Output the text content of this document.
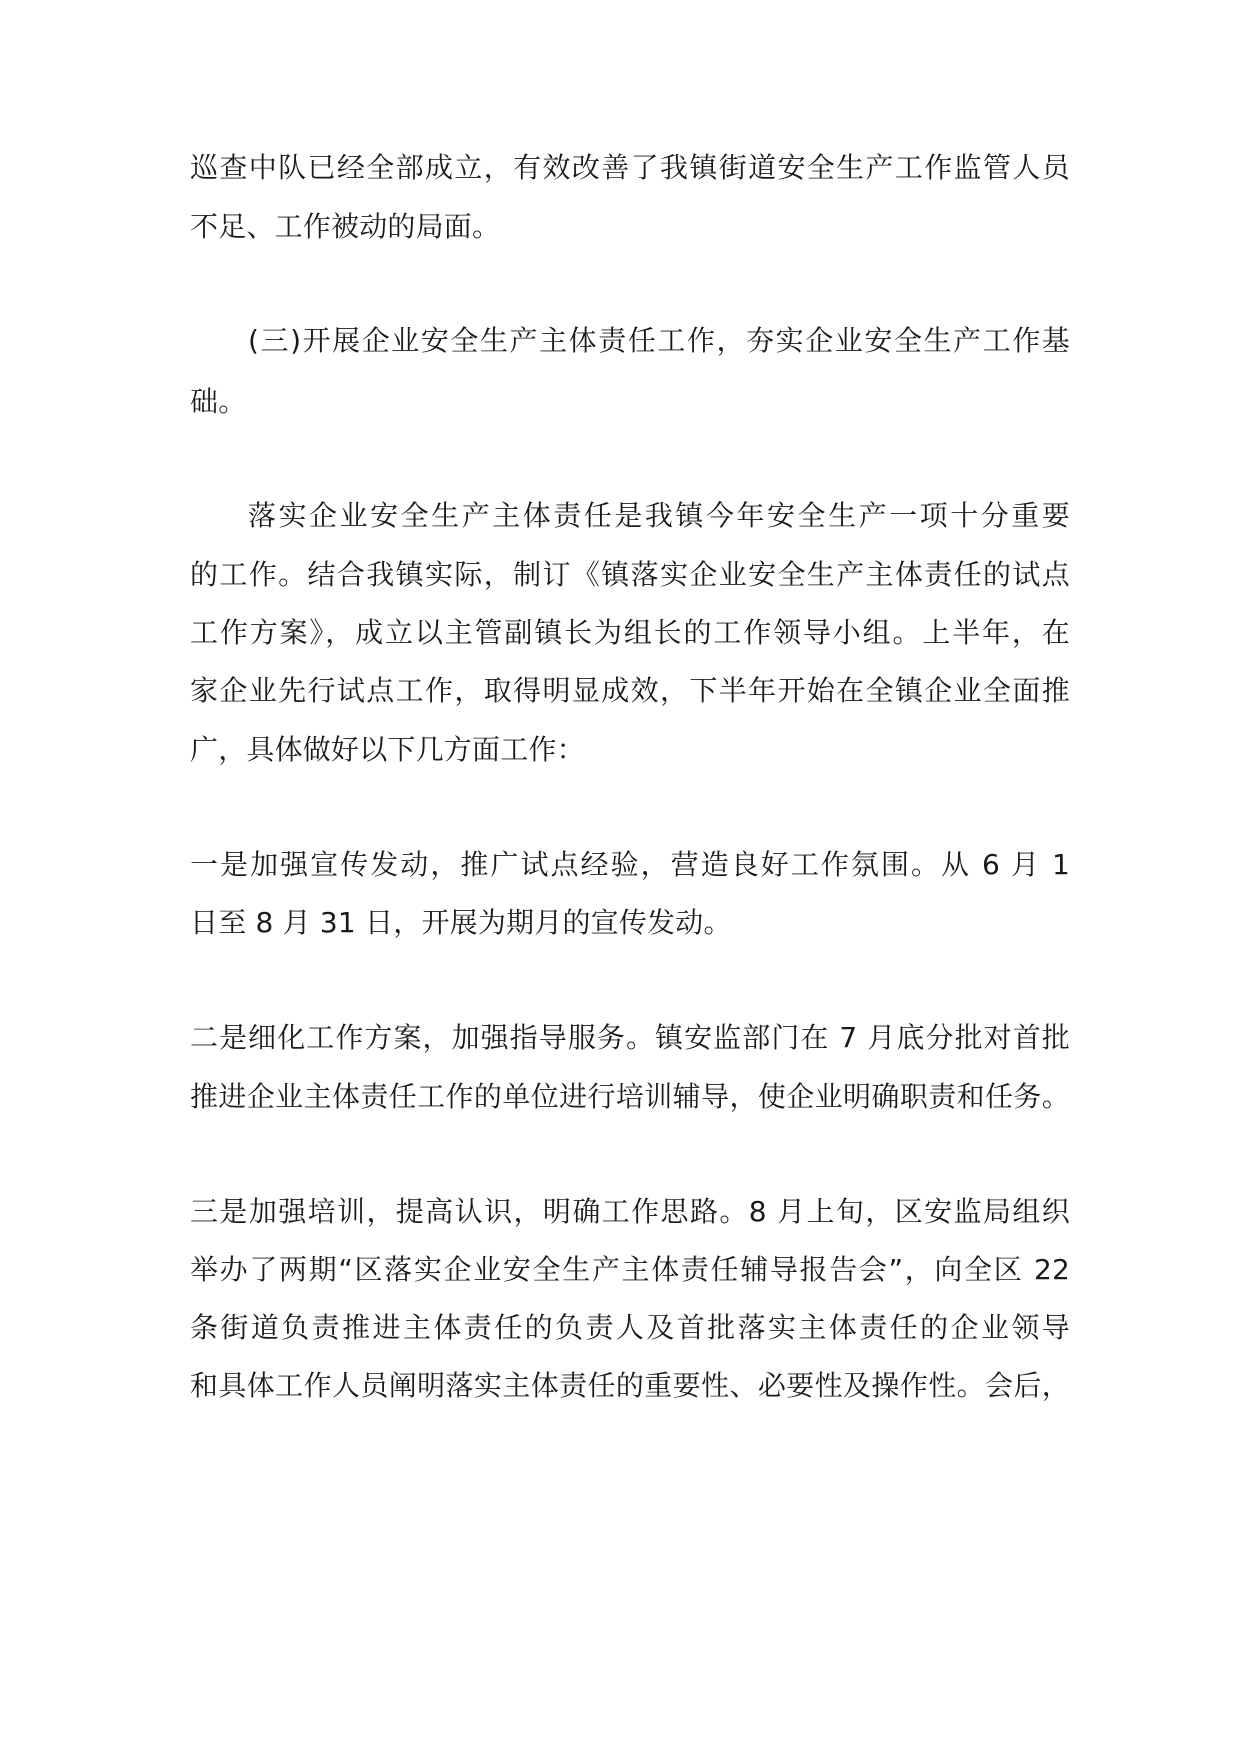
巡查中队已经全部成立，有效改善了我镇街道安全生产工作监管人员

不足、工作被动的局面。

(三)开展企业安全生产主体责任工作，夯实企业安全生产工作基

础。

落实企业安全生产主体责任是我镇今年安全生产一项十分重要

的工作。结合我镇实际，制订《镇落实企业安全生产主体责任的试点

工作方案》，成立以主管副镇长为组长的工作领导小组。上半年，在

家企业先行试点工作，取得明显成效，下半年开始在全镇企业全面推

广，具体做好以下几方面工作：

一是加强宣传发动，推广试点经验，营造良好工作氛围。从 6 月 1

日至 8 月 31 日，开展为期月的宣传发动。

二是细化工作方案，加强指导服务。镇安监部门在 7 月底分批对首批

推进企业主体责任工作的单位进行培训辅导，使企业明确职责和任务。

三是加强培训，提高认识，明确工作思路。8 月上旬，区安监局组织

举办了两期“区落实企业安全生产主体责任辅导报告会”，向全区 22

条街道负责推进主体责任的负责人及首批落实主体责任的企业领导

和具体工作人员阐明落实主体责任的重要性、必要性及操作性。会后，
